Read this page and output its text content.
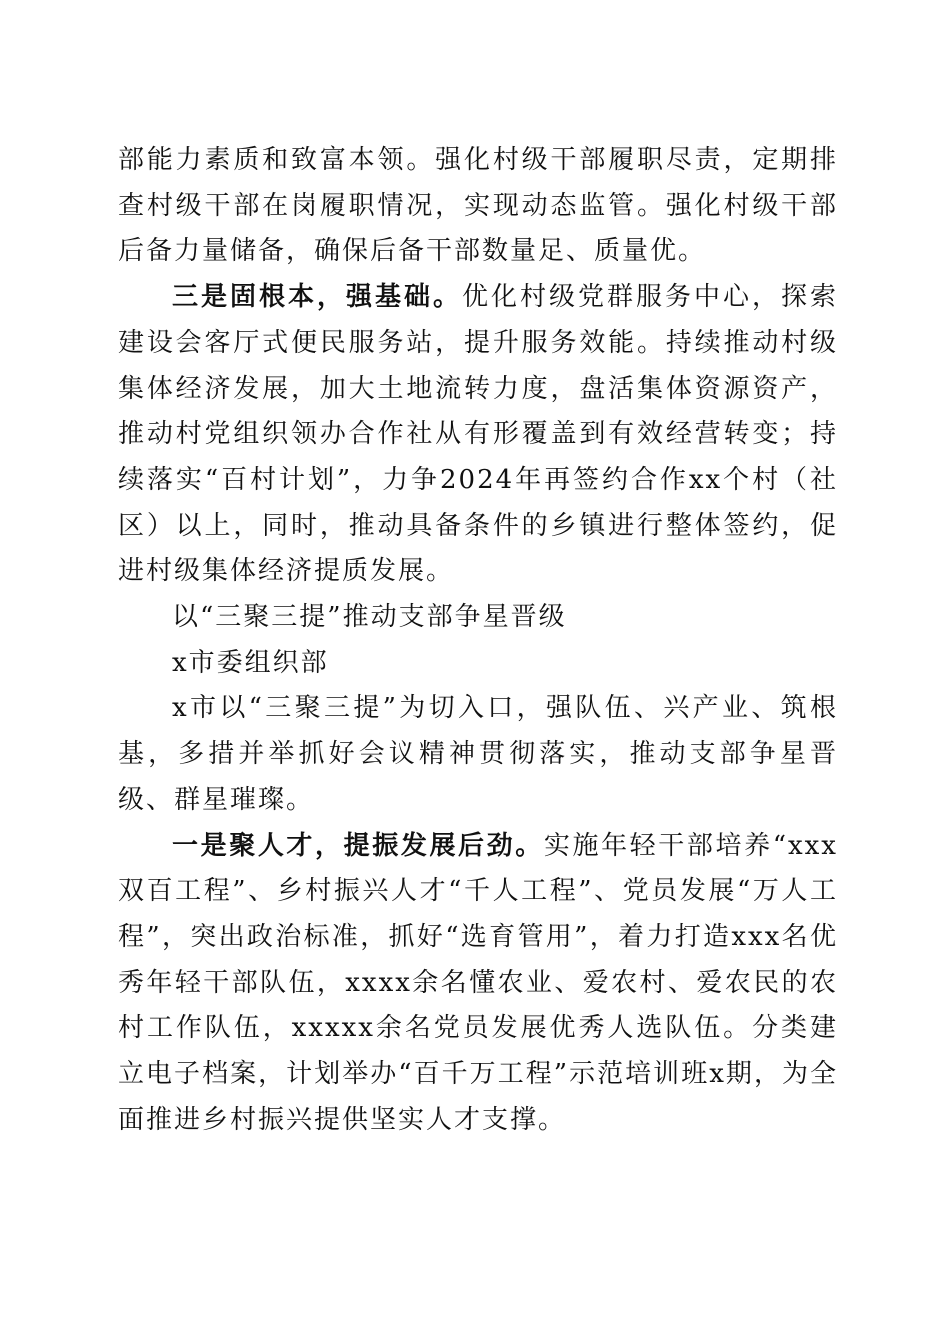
部能力素质和致富本领。强化村级干部履职尽责，定期排查村级干部在岗履职情况，实现动态监管。强化村级干部后备力量储备，确保后备干部数量足、质量优。

三是固根本，强基础。优化村级党群服务中心，探索建设会客厅式便民服务站，提升服务效能。持续推动村级集体经济发展，加大土地流转力度，盘活集体资源资产，推动村党组织领办合作社从有形覆盖到有效经营转变；持续落实“百村计划”，力争2024年再签约合作xx个村（社区）以上，同时，推动具备条件的乡镇进行整体签约，促进村级集体经济提质发展。

以“三聚三提”推动支部争星晋级

x市委组织部

x市以“三聚三提”为切入口，强队伍、兴产业、筑根基，多措并举抓好会议精神贯彻落实，推动支部争星晋级、群星璀璨。

一是聚人才，提振发展后劲。实施年轻干部培养“xxx双百工程”、乡村振兴人才“千人工程”、党员发展“万人工程”，突出政治标准，抓好“选育管用”，着力打造xxx名优秀年轻干部队伍，xxxx余名懂农业、爱农村、爱农民的农村工作队伍，xxxxx余名党员发展优秀人选队伍。分类建立电子档案，计划举办“百千万工程”示范培训班x期，为全面推进乡村振兴提供坚实人才支撑。
